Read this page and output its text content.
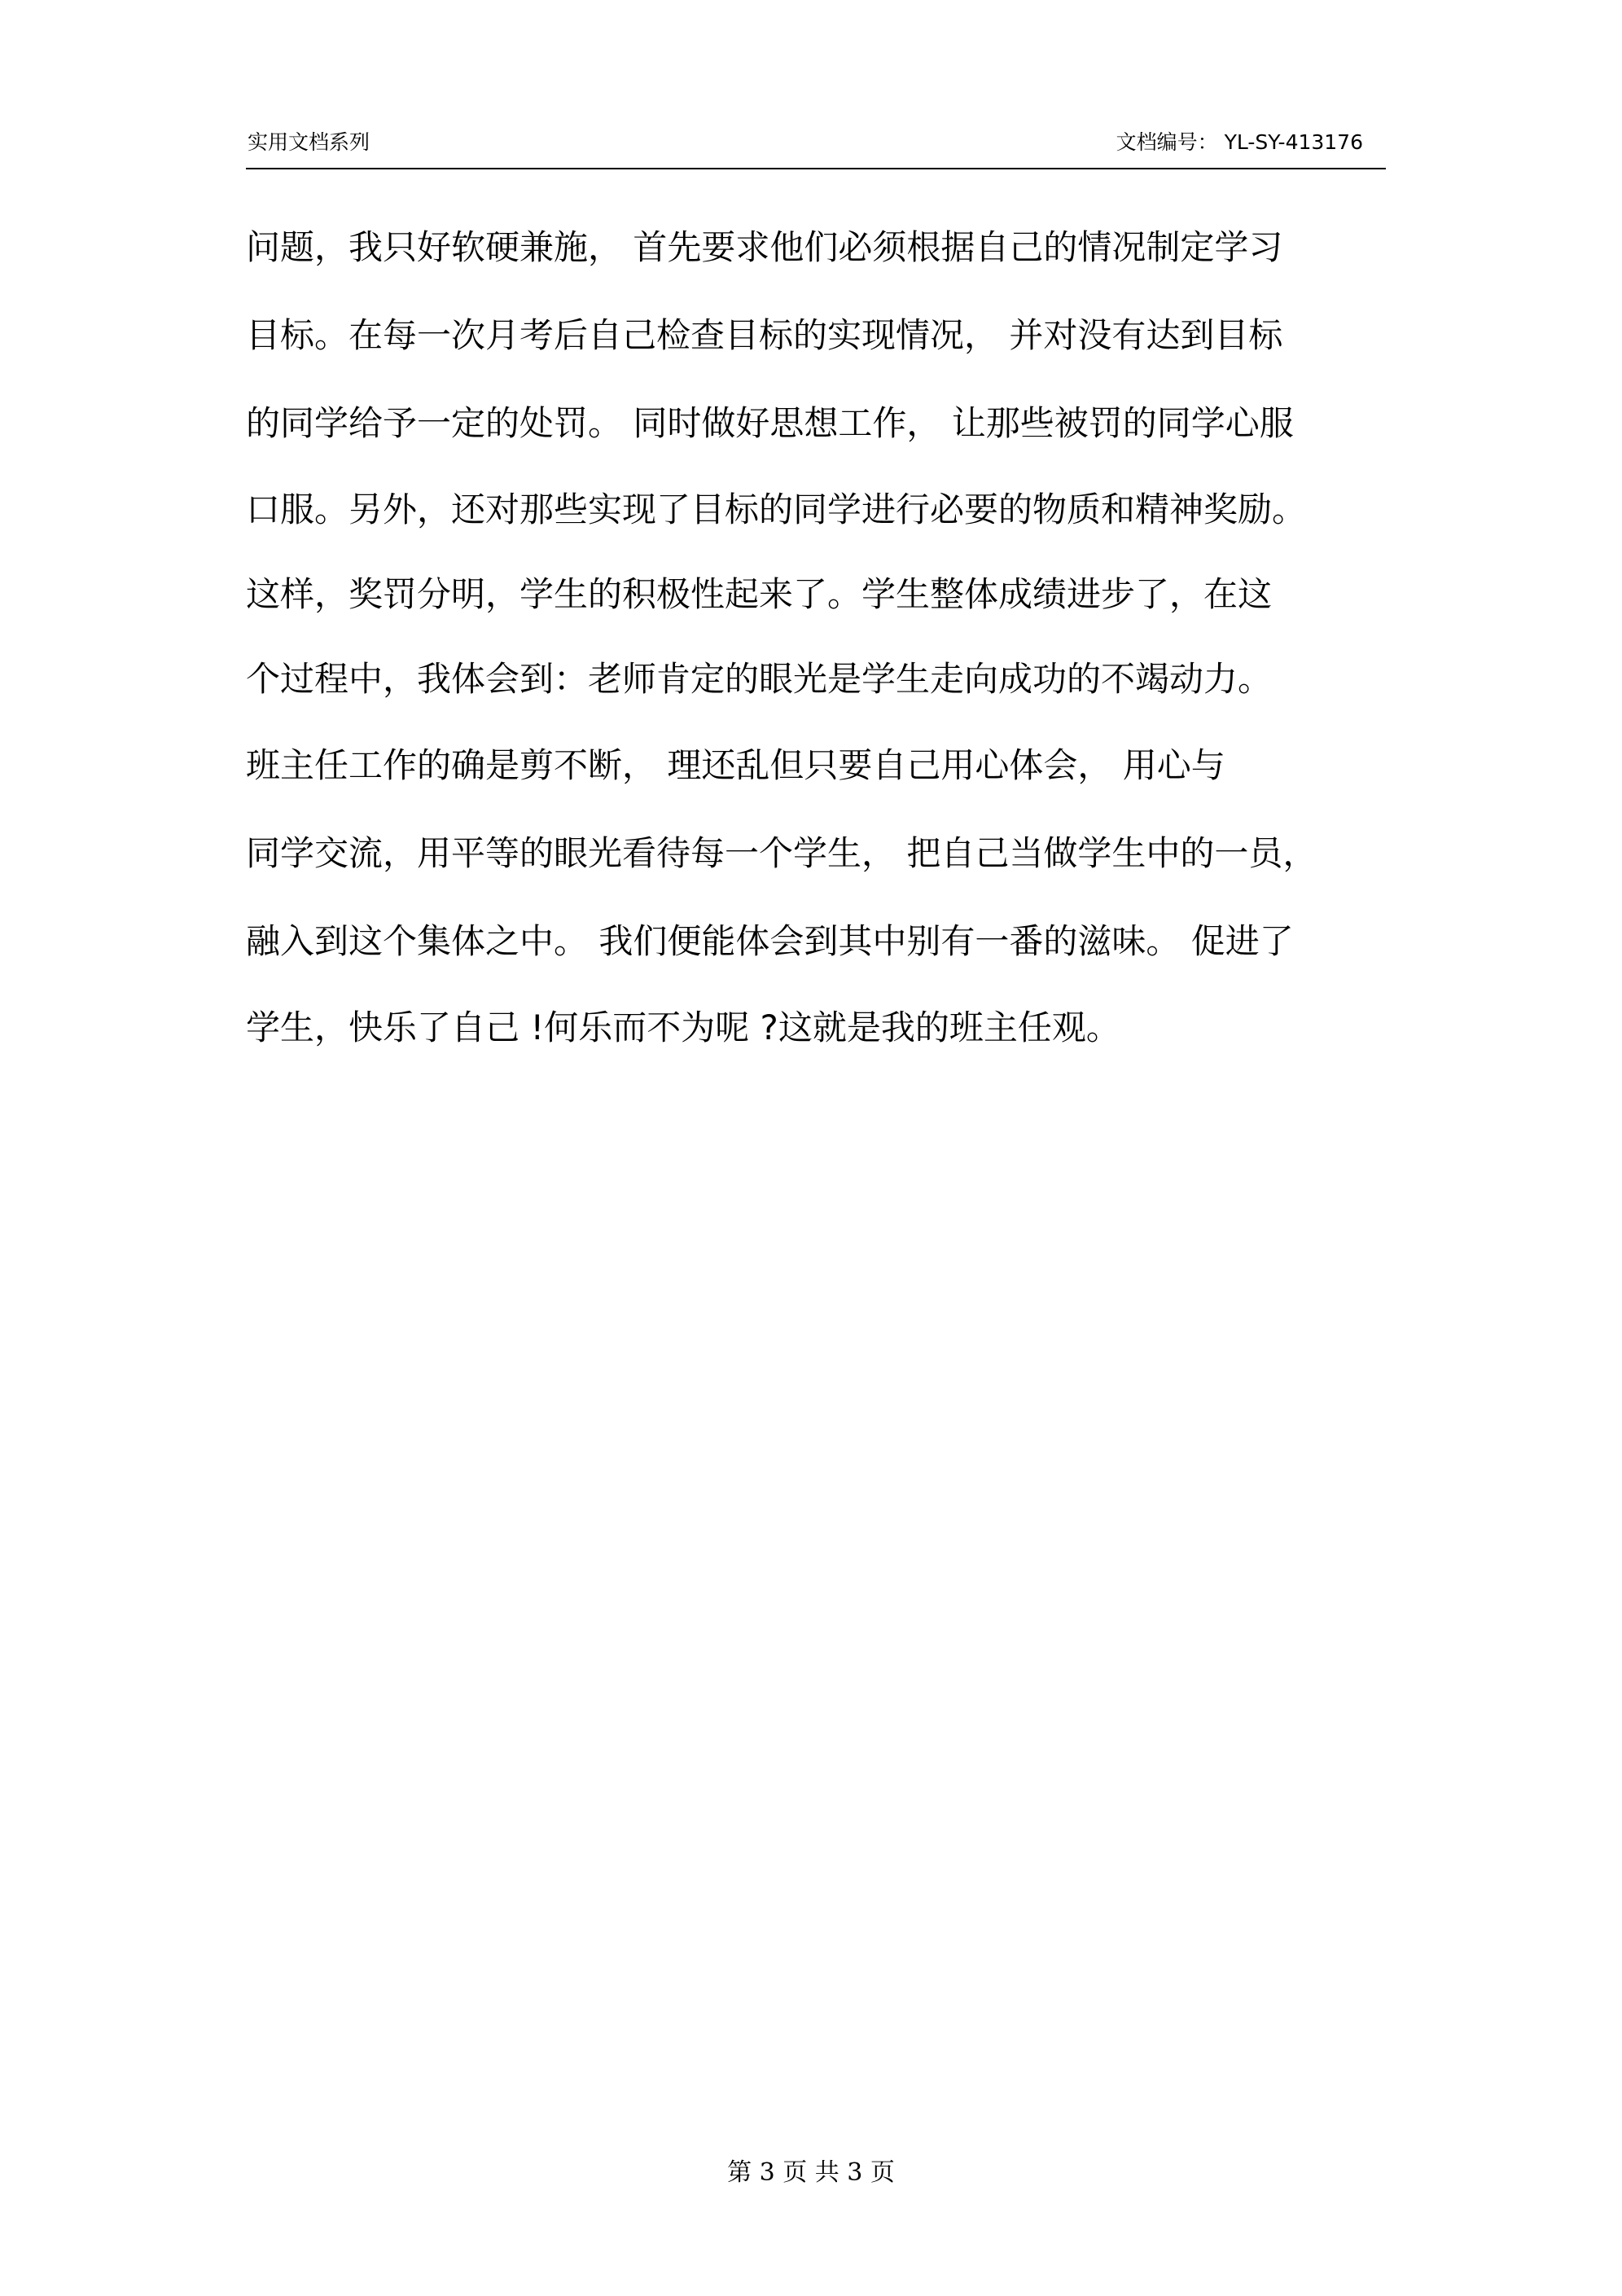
实用文档系列	文档编号： YL-SY-413176
问题，我只好软硬兼施， 首先要求他们必须根据自己的情况制定学习
目标。在每一次月考后自己检查目标的实现情况， 并对没有达到目标
的同学给予一定的处罚。 同时做好思想工作， 让那些被罚的同学心服
口服。另外，还对那些实现了目标的同学进行必要的物质和精神奖励。
这样，奖罚分明，学生的积极性起来了。学生整体成绩进步了，在这
个过程中，我体会到：老师肯定的眼光是学生走向成功的不竭动力。
班主任工作的确是剪不断， 理还乱但只要自己用心体会， 用心与
同学交流，用平等的眼光看待每一个学生， 把自己当做学生中的一员，
融入到这个集体之中。 我们便能体会到其中别有一番的滋味。 促进了
学生，快乐了自己 !何乐而不为呢 ?这就是我的班主任观。
第 3 页 共 3 页
